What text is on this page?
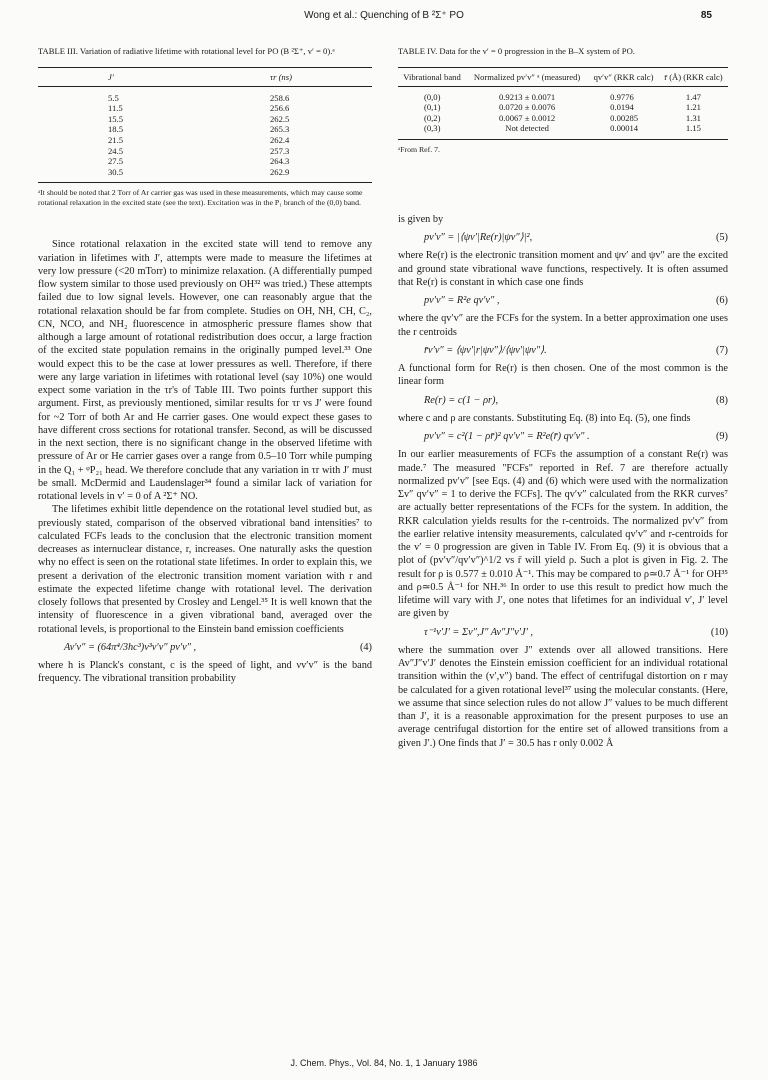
Wong et al.: Quenching of B ²Σ⁺ PO	85
TABLE III. Variation of radiative lifetime with rotational level for PO (B ²Σ⁺, v′ = 0).ᵃ
J′	τr (ns)
5.5	258.6
11.5	256.6
15.5	262.5
18.5	265.3
21.5	262.4
24.5	257.3
27.5	264.3
30.5	262.9
ᵃIt should be noted that 2 Torr of Ar carrier gas was used in these measurements, which may cause some rotational relaxation in the excited state (see the text). Excitation was in the P₁ branch of the (0,0) band.

Since rotational relaxation in the excited state will tend to remove any variation in lifetimes with J′, attempts were made to measure the lifetimes at very low pressure (<20 mTorr) to minimize relaxation. (A differentially pumped flow system similar to those used previously on OH³² was tried.) These attempts failed due to low signal levels. However, one can reasonably argue that the rotational relaxation should be far from complete. Studies on OH, NH, CH, C₂, CN, NCO, and NH₂ fluorescence in atmospheric pressure flames show that although a large amount of rotational redistribution does occur, a large fraction of the excited state population remains in the originally pumped level.³³ One would expect this to be the case at lower pressures as well. Therefore, if there were any large variation in lifetimes with rotational level (say 10%) one would expect some variation in the τr's of Table III. Two points further support this argument. First, as previously mentioned, similar results for τr vs J′ were found for ~2 Torr of both Ar and He carrier gases. One would expect these gases to have different cross sections for rotational transfer. Second, as will be discussed in the next section, there is no significant change in the observed lifetime with pressure of Ar or He carrier gases over a range from 0.5–10 Torr while pumping in the Q₁ + ᵠP₂₁ head. We therefore conclude that any variation in τr with J′ must be small. McDermid and Laudenslager³⁴ found a similar lack of variation for rotational levels in v′ = 0 of A ²Σ⁺ NO.

The lifetimes exhibit little dependence on the rotational level studied but, as previously stated, comparison of the observed vibrational band intensities⁷ to calculated FCFs leads to the conclusion that the electronic transition moment decreases as internuclear distance, r, increases. One naturally asks the question why no effect is seen on the rotational state lifetimes. In order to explain this, we present a derivation of the electronic transition moment variation with r and estimate the expected lifetime change with rotational level. The derivation closely follows that presented by Crosley and Lengel.³⁵ It is well known that the intensity of fluorescence in a given vibrational band, averaged over the rotational levels, is proportional to the Einstein band emission coefficients

Av′v″ = (64π⁴/3hc³)ν³v′v″ pv′v″ ,	(4)

where h is Planck's constant, c is the speed of light, and νv′v″ is the band frequency. The vibrational transition probability

TABLE IV. Data for the v′ = 0 progression in the B–X system of PO.
Vibrational band	Normalized pv′v″ ᵃ (measured)	qv′v″ (RKR calc)	r̄ (Å) (RKR calc)
(0,0)	0.9213 ± 0.0071	0.9776	1.47
(0,1)	0.0720 ± 0.0076	0.0194	1.21
(0,2)	0.0067 ± 0.0012	0.00285	1.31
(0,3)	Not detected	0.00014	1.15
ᵃFrom Ref. 7.

is given by

pv′v″ = |⟨ψv′|Re(r)|ψv″⟩|²,	(5)

where Re(r) is the electronic transition moment and ψv′ and ψv″ are the excited and ground state vibrational wave functions, respectively. It is often assumed that Re(r) is constant in which case one finds

pv′v″ = R²e qv′v″ ,	(6)

where the qv′v″ are the FCFs for the system. In a better approximation one uses the r centroids

r̄v′v″ = ⟨ψv′|r|ψv″⟩/⟨ψv′|ψv″⟩.	(7)

A functional form for Re(r) is then chosen. One of the most common is the linear form

Re(r) = c(1 − ρr),	(8)

where c and ρ are constants. Substituting Eq. (8) into Eq. (5), one finds

pv′v″ = c²(1 − ρr̄)² qv′v″ = R²e(r̄) qv′v″ .	(9)

In our earlier measurements of FCFs the assumption of a constant Re(r) was made.⁷ The measured "FCFs" reported in Ref. 7 are therefore actually normalized pv′v″ [see Eqs. (4) and (6) which were used with the normalization Σv″ qv′v″ = 1 to derive the FCFs]. The qv′v″ calculated from the RKR curves⁷ are actually better representations of the FCFs for the system. In addition, the RKR calculation yields results for the r-centroids. The normalized pv′v″ from the earlier relative intensity measurements, calculated qv′v″ and r-centroids for the v′ = 0 progression are given in Table IV. From Eq. (9) it is obvious that a plot of (pv′v″/qv′v″)^1/2 vs r̄ will yield ρ. Such a plot is given in Fig. 2. The result for ρ is 0.577 ± 0.010 Å⁻¹. This may be compared to ρ≃0.7 Å⁻¹ for OH³⁵ and ρ≃0.5 Å⁻¹ for NH.³⁶ In order to use this result to predict how much the lifetime will vary with J′, one notes that lifetimes for an individual v′, J′ level are given by

τ⁻¹v′J′ = Σv″,J″ Av″J″v′J′ ,	(10)

where the summation over J″ extends over all allowed transitions. Here Av″J″v′J′ denotes the Einstein emission coefficient for an individual rotational transition within the (v′,v″) band. The effect of centrifugal distortion on r may be calculated for a given rotational level³⁷ using the molecular constants. (Here, we assume that since selection rules do not allow J″ values to be much different than J′, it is a reasonable approximation for the present purposes to use an average centrifugal distortion for the entire set of allowed transitions from a given J′.) One finds that J′ = 30.5 has r only 0.002 Å

J. Chem. Phys., Vol. 84, No. 1, 1 January 1986
